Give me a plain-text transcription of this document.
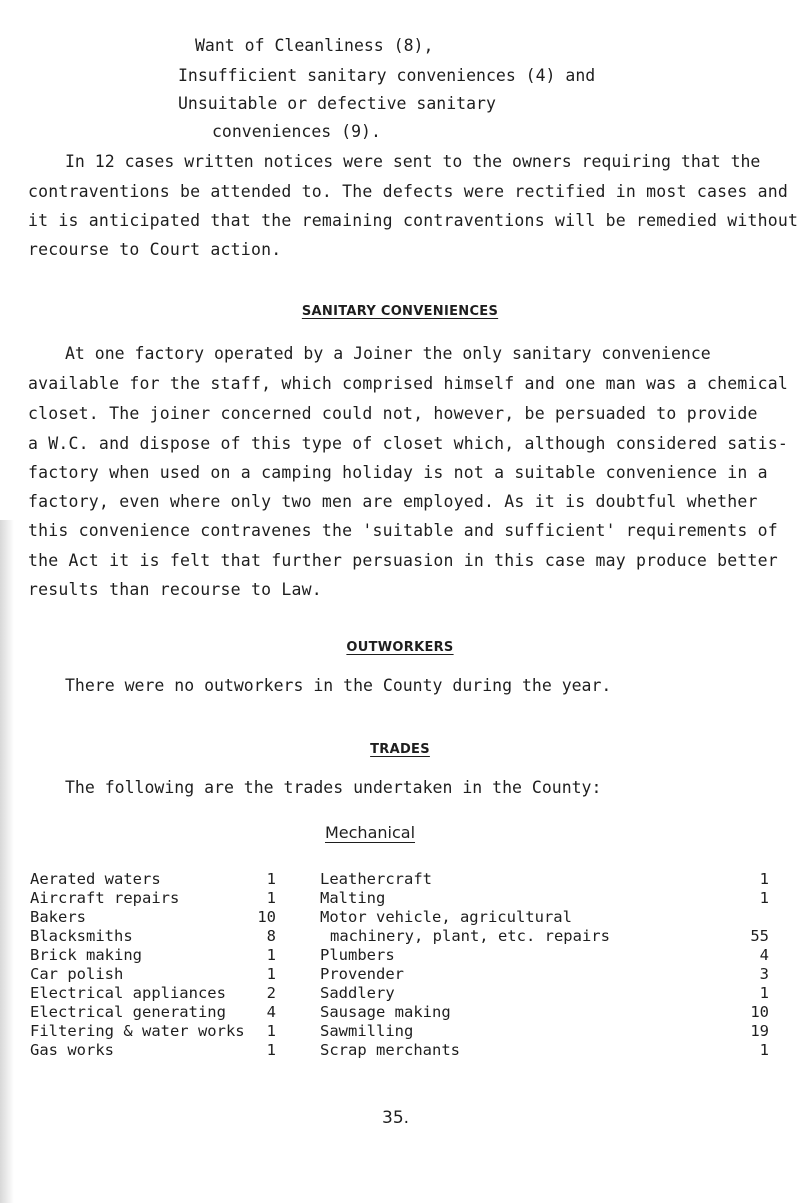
Want of Cleanliness (8),
Insufficient sanitary conveniences (4) and
Unsuitable or defective sanitary
conveniences (9).
In 12 cases written notices were sent to the owners requiring that the
contraventions be attended to. The defects were rectified in most cases and
it is anticipated that the remaining contraventions will be remedied without
recourse to Court action.
SANITARY CONVENIENCES
At one factory operated by a Joiner the only sanitary convenience
available for the staff, which comprised himself and one man was a chemical
closet. The joiner concerned could not, however, be persuaded to provide
a W.C. and dispose of this type of closet which, although considered satis-
factory when used on a camping holiday is not a suitable convenience in a
factory, even where only two men are employed. As it is doubtful whether
this convenience contravenes the 'suitable and sufficient' requirements of
the Act it is felt that further persuasion in this case may produce better
results than recourse to Law.
OUTWORKERS
There were no outworkers in the County during the year.
TRADES
The following are the trades undertaken in the County:
Mechanical
Aerated waters	1
Aircraft repairs	1
Bakers	10
Blacksmiths	8
Brick making	1
Car polish	1
Electrical appliances	2
Electrical generating	4
Filtering & water works	1
Gas works	1
Leathercraft	1
Malting	1
Motor vehicle, agricultural
machinery, plant, etc. repairs	55
Plumbers	4
Provender	3
Saddlery	1
Sausage making	10
Sawmilling	19
Scrap merchants	1
35.
